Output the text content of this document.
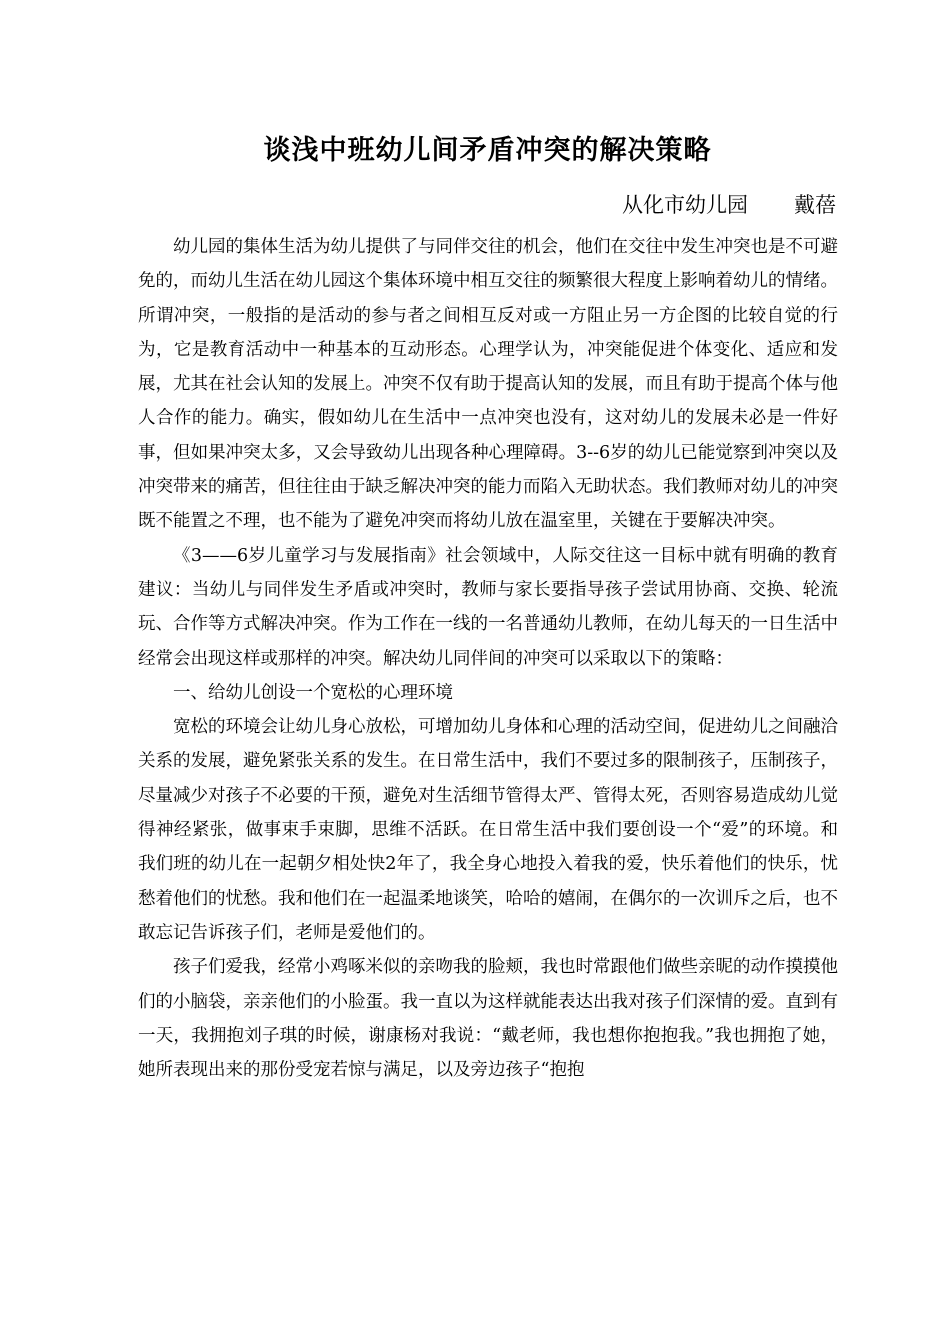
谈浅中班幼儿间矛盾冲突的解决策略
从化市幼儿园 戴蓓

幼儿园的集体生活为幼儿提供了与同伴交往的机会，他们在交往中发生冲突也是不可避免的，而幼儿生活在幼儿园这个集体环境中相互交往的频繁很大程度上影响着幼儿的情绪。所谓冲突，一般指的是活动的参与者之间相互反对或一方阻止另一方企图的比较自觉的行为，它是教育活动中一种基本的互动形态。心理学认为，冲突能促进个体变化、适应和发展，尤其在社会认知的发展上。冲突不仅有助于提高认知的发展，而且有助于提高个体与他人合作的能力。确实，假如幼儿在生活中一点冲突也没有，这对幼儿的发展未必是一件好事，但如果冲突太多，又会导致幼儿出现各种心理障碍。3--6岁的幼儿已能觉察到冲突以及冲突带来的痛苦，但往往由于缺乏解决冲突的能力而陷入无助状态。我们教师对幼儿的冲突既不能置之不理，也不能为了避免冲突而将幼儿放在温室里，关键在于要解决冲突。

《3——6岁儿童学习与发展指南》社会领域中，人际交往这一目标中就有明确的教育建议：当幼儿与同伴发生矛盾或冲突时，教师与家长要指导孩子尝试用协商、交换、轮流玩、合作等方式解决冲突。作为工作在一线的一名普通幼儿教师，在幼儿每天的一日生活中经常会出现这样或那样的冲突。解决幼儿同伴间的冲突可以采取以下的策略：

一、给幼儿创设一个宽松的心理环境

宽松的环境会让幼儿身心放松，可增加幼儿身体和心理的活动空间，促进幼儿之间融洽关系的发展，避免紧张关系的发生。在日常生活中，我们不要过多的限制孩子，压制孩子，尽量减少对孩子不必要的干预，避免对生活细节管得太严、管得太死，否则容易造成幼儿觉得神经紧张，做事束手束脚，思维不活跃。在日常生活中我们要创设一个“爱”的环境。和我们班的幼儿在一起朝夕相处快2年了，我全身心地投入着我的爱，快乐着他们的快乐，忧愁着他们的忧愁。我和他们在一起温柔地谈笑，哈哈的嬉闹，在偶尔的一次训斥之后，也不敢忘记告诉孩子们，老师是爱他们的。

孩子们爱我，经常小鸡啄米似的亲吻我的脸颊，我也时常跟他们做些亲昵的动作摸摸他们的小脑袋，亲亲他们的小脸蛋。我一直以为这样就能表达出我对孩子们深情的爱。直到有一天，我拥抱刘子琪的时候，谢康杨对我说：“戴老师，我也想你抱抱我。”我也拥抱了她，她所表现出来的那份受宠若惊与满足，以及旁边孩子“抱抱
